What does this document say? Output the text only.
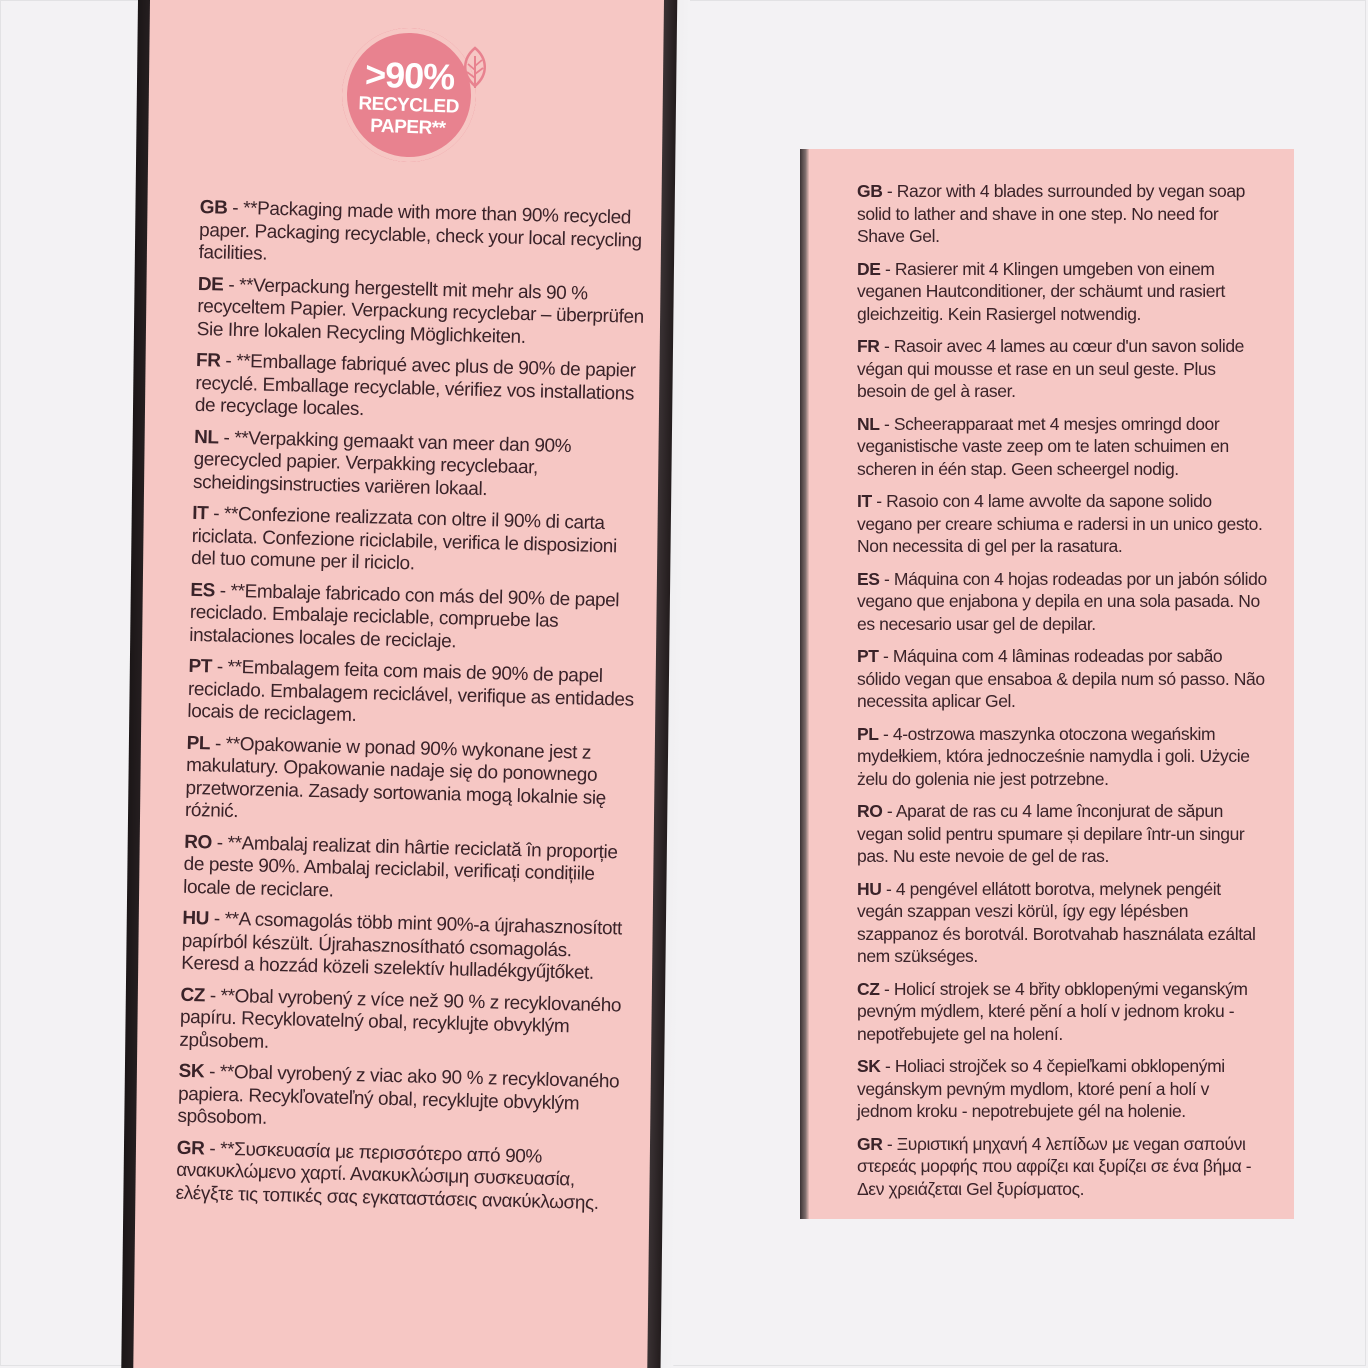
>90%
RECYCLED
PAPER**
GB - **Packaging made with more than 90% recycled paper. Packaging recyclable, check your local recycling facilities.
DE - **Verpackung hergestellt mit mehr als 90 % recyceltem Papier. Verpackung recyclebar – überprüfen Sie Ihre lokalen Recycling Möglichkeiten.
FR - **Emballage fabriqué avec plus de 90% de papier recyclé. Emballage recyclable, vérifiez vos installations de recyclage locales.
NL - **Verpakking gemaakt van meer dan 90% gerecycled papier. Verpakking recyclebaar, scheidingsinstructies variëren lokaal.
IT - **Confezione realizzata con oltre il 90% di carta riciclata. Confezione riciclabile, verifica le disposizioni del tuo comune per il riciclo.
ES - **Embalaje fabricado con más del 90% de papel reciclado. Embalaje reciclable, compruebe las instalaciones locales de reciclaje.
PT - **Embalagem feita com mais de 90% de papel reciclado. Embalagem reciclável, verifique as entidades locais de reciclagem.
PL - **Opakowanie w ponad 90% wykonane jest z makulatury. Opakowanie nadaje się do ponownego przetworzenia. Zasady sortowania mogą lokalnie się różnić.
RO - **Ambalaj realizat din hârtie reciclată în proporție de peste 90%. Ambalaj reciclabil, verificați condițiile locale de reciclare.
HU - **A csomagolás több mint 90%-a újrahasznosított papírból készült. Újrahasznosítható csomagolás. Keresd a hozzád közeli szelektív hulladékgyűjtőket.
CZ - **Obal vyrobený z více než 90 % z recyklovaného papíru. Recyklovatelný obal, recyklujte obvyklým způsobem.
SK - **Obal vyrobený z viac ako 90 % z recyklovaného papiera. Recykľovateľný obal, recyklujte obvyklým spôsobom.
GR - **Συσκευασία με περισσότερο από 90% ανακυκλώμενο χαρτί. Ανακυκλώσιμη συσκευασία, ελέγξτε τις τοπικές σας εγκαταστάσεις ανακύκλωσης.
GB - Razor with 4 blades surrounded by vegan soap solid to lather and shave in one step. No need for Shave Gel.
DE - Rasierer mit 4 Klingen umgeben von einem veganen Hautconditioner, der schäumt und rasiert gleichzeitig. Kein Rasiergel notwendig.
FR - Rasoir avec 4 lames au cœur d'un savon solide végan qui mousse et rase en un seul geste. Plus besoin de gel à raser.
NL - Scheerapparaat met 4 mesjes omringd door veganistische vaste zeep om te laten schuimen en scheren in één stap. Geen scheergel nodig.
IT - Rasoio con 4 lame avvolte da sapone solido vegano per creare schiuma e radersi in un unico gesto. Non necessita di gel per la rasatura.
ES - Máquina con 4 hojas rodeadas por un jabón sólido vegano que enjabona y depila en una sola pasada. No es necesario usar gel de depilar.
PT - Máquina com 4 lâminas rodeadas por sabão sólido vegan que ensaboa & depila num só passo. Não necessita aplicar Gel.
PL - 4-ostrzowa maszynka otoczona wegańskim mydełkiem, która jednocześnie namydla i goli. Użycie żelu do golenia nie jest potrzebne.
RO - Aparat de ras cu 4 lame înconjurat de săpun vegan solid pentru spumare și depilare într-un singur pas. Nu este nevoie de gel de ras.
HU - 4 pengével ellátott borotva, melynek pengéit vegán szappan veszi körül, így egy lépésben szappanoz és borotvál. Borotvahab használata ezáltal nem szükséges.
CZ - Holicí strojek se 4 břity obklopenými veganským pevným mýdlem, které pění a holí v jednom kroku - nepotřebujete gel na holení.
SK - Holiaci strojček so 4 čepieľkami obklopenými vegánskym pevným mydlom, ktoré pení a holí v jednom kroku - nepotrebujete gél na holenie.
GR - Ξυριστική μηχανή 4 λεπίδων με vegan σαπούνι στερεάς μορφής που αφρίζει και ξυρίζει σε ένα βήμα - Δεν χρειάζεται Gel ξυρίσματος.
